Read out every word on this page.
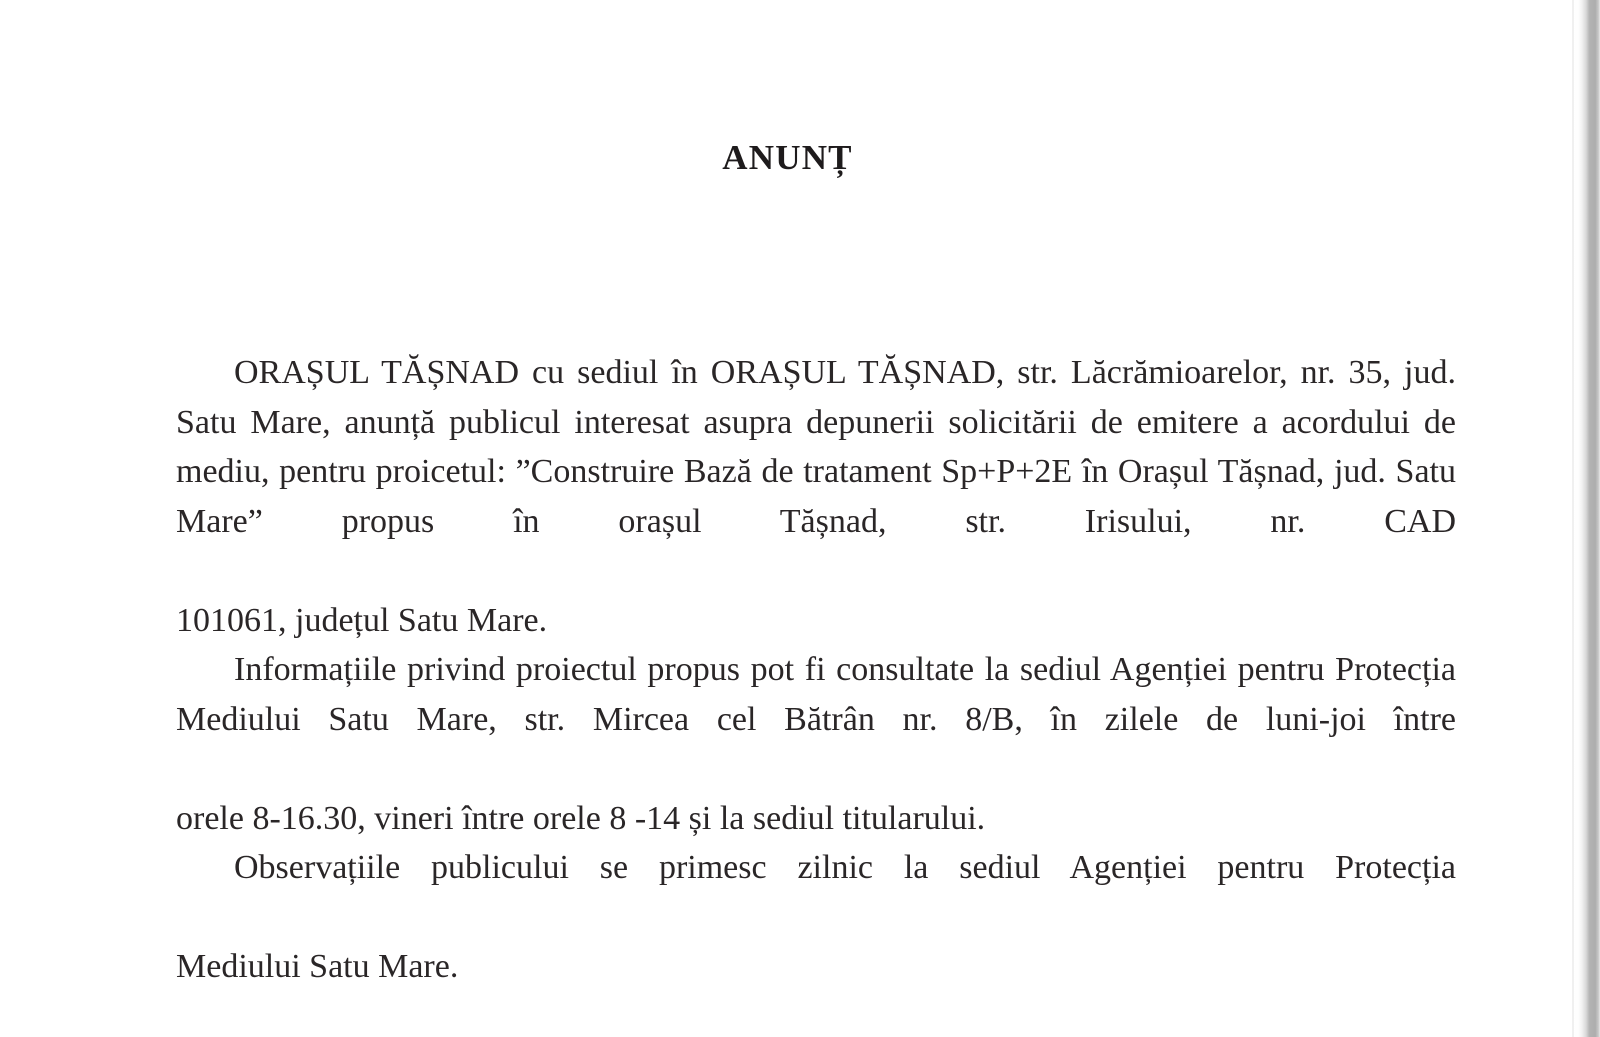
ANUNȚ

ORAȘUL TĂȘNAD cu sediul în ORAȘUL TĂȘNAD, str. Lăcrămioarelor, nr. 35, jud. Satu Mare, anunță publicul interesat asupra depunerii solicitării de emitere a acordului de mediu, pentru proicetul: ”Construire Bază de tratament Sp+P+2E în Orașul Tășnad, jud. Satu Mare” propus în orașul Tășnad, str. Irisului, nr. CAD

101061, județul Satu Mare.

Informațiile privind proiectul propus pot fi consultate la sediul Agenției pentru Protecția Mediului Satu Mare, str. Mircea cel Bătrân nr. 8/B, în zilele de luni-joi între

orele 8-16.30, vineri între orele 8 -14 și la sediul titularului.

Observațiile publicului se primesc zilnic la sediul Agenției pentru Protecția

Mediului Satu Mare.
